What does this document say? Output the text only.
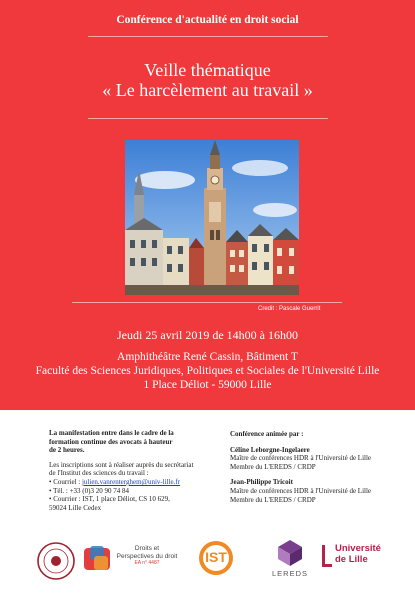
Conférence d'actualité en droit social
Veille thématique
« Le harcèlement au travail »
Credit : Pascale Guerrit
Jeudi 25 avril 2019 de 14h00 à 16h00
Amphithéâtre René Cassin, Bâtiment T
Faculté des Sciences Juridiques, Politiques et Sociales de l'Université Lille
1 Place Déliot - 59000 Lille
La manifestation entre dans le cadre de la
formation continue des avocats à hauteur
de 2 heures.
Les inscriptions sont à réaliser auprès du secrétariat
de l'Institut des sciences du travail :
• Courriel : julien.vanrenterghem@univ-lille.fr
• Tél. : +33 (0)3 20 90 74 84
• Courrier : IST, 1 place Déliot, CS 10 629,
59024 Lille Cedex
Conférence animée par :
Céline Leborgne-Ingelaere
Maître de conférences HDR à l'Université de Lille
Membre du L'EREDS / CRDP
Jean-Philippe Tricoit
Maître de conférences HDR à l'Université de Lille
Membre du L'EREDS / CRDP
Droits et
Perspectives du droit
EA n° 4487	IST
LEREDS
Université
de Lille
